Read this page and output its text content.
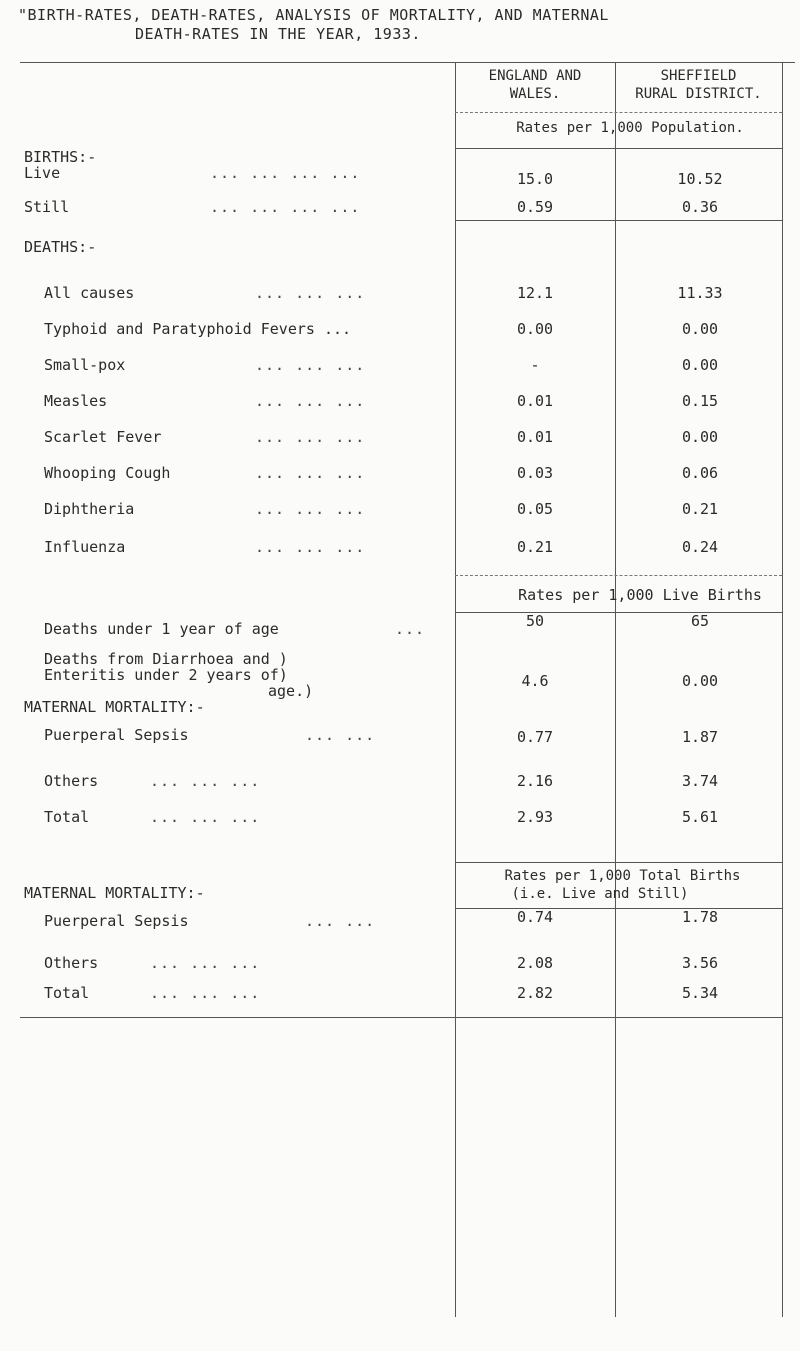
"BIRTH-RATES, DEATH-RATES, ANALYSIS OF MORTALITY, AND MATERNAL
DEATH-RATES IN THE YEAR, 1933.
ENGLAND AND
WALES.
SHEFFIELD
RURAL DISTRICT.
Rates per 1,000 Population.
BIRTHS:-
Live	... ... ... ...	15.0	10.52
Still	... ... ... ...	0.59	0.36
DEATHS:-
All causes	... ... ...	12.1	11.33
Typhoid and Paratyphoid Fevers ...	0.00	0.00
Small-pox	... ... ...	-	0.00
Measles	... ... ...	0.01	0.15
Scarlet Fever	... ... ...	0.01	0.00
Whooping Cough	... ... ...	0.03	0.06
Diphtheria	... ... ...	0.05	0.21
Influenza	... ... ...	0.21	0.24
Rates per 1,000 Live Births
Deaths under 1 year of age	...	50	65
Deaths from Diarrhoea and )
Enteritis under 2 years of)
age.)
4.6	0.00
MATERNAL MORTALITY:-
Puerperal Sepsis	... ...	0.77	1.87
Others	... ... ...	2.16	3.74
Total	... ... ...	2.93	5.61
Rates per 1,000 Total Births
(i.e. Live and Still)
MATERNAL MORTALITY:-
Puerperal Sepsis	... ...	0.74	1.78
Others	... ... ...	2.08	3.56
Total	... ... ...	2.82	5.34
